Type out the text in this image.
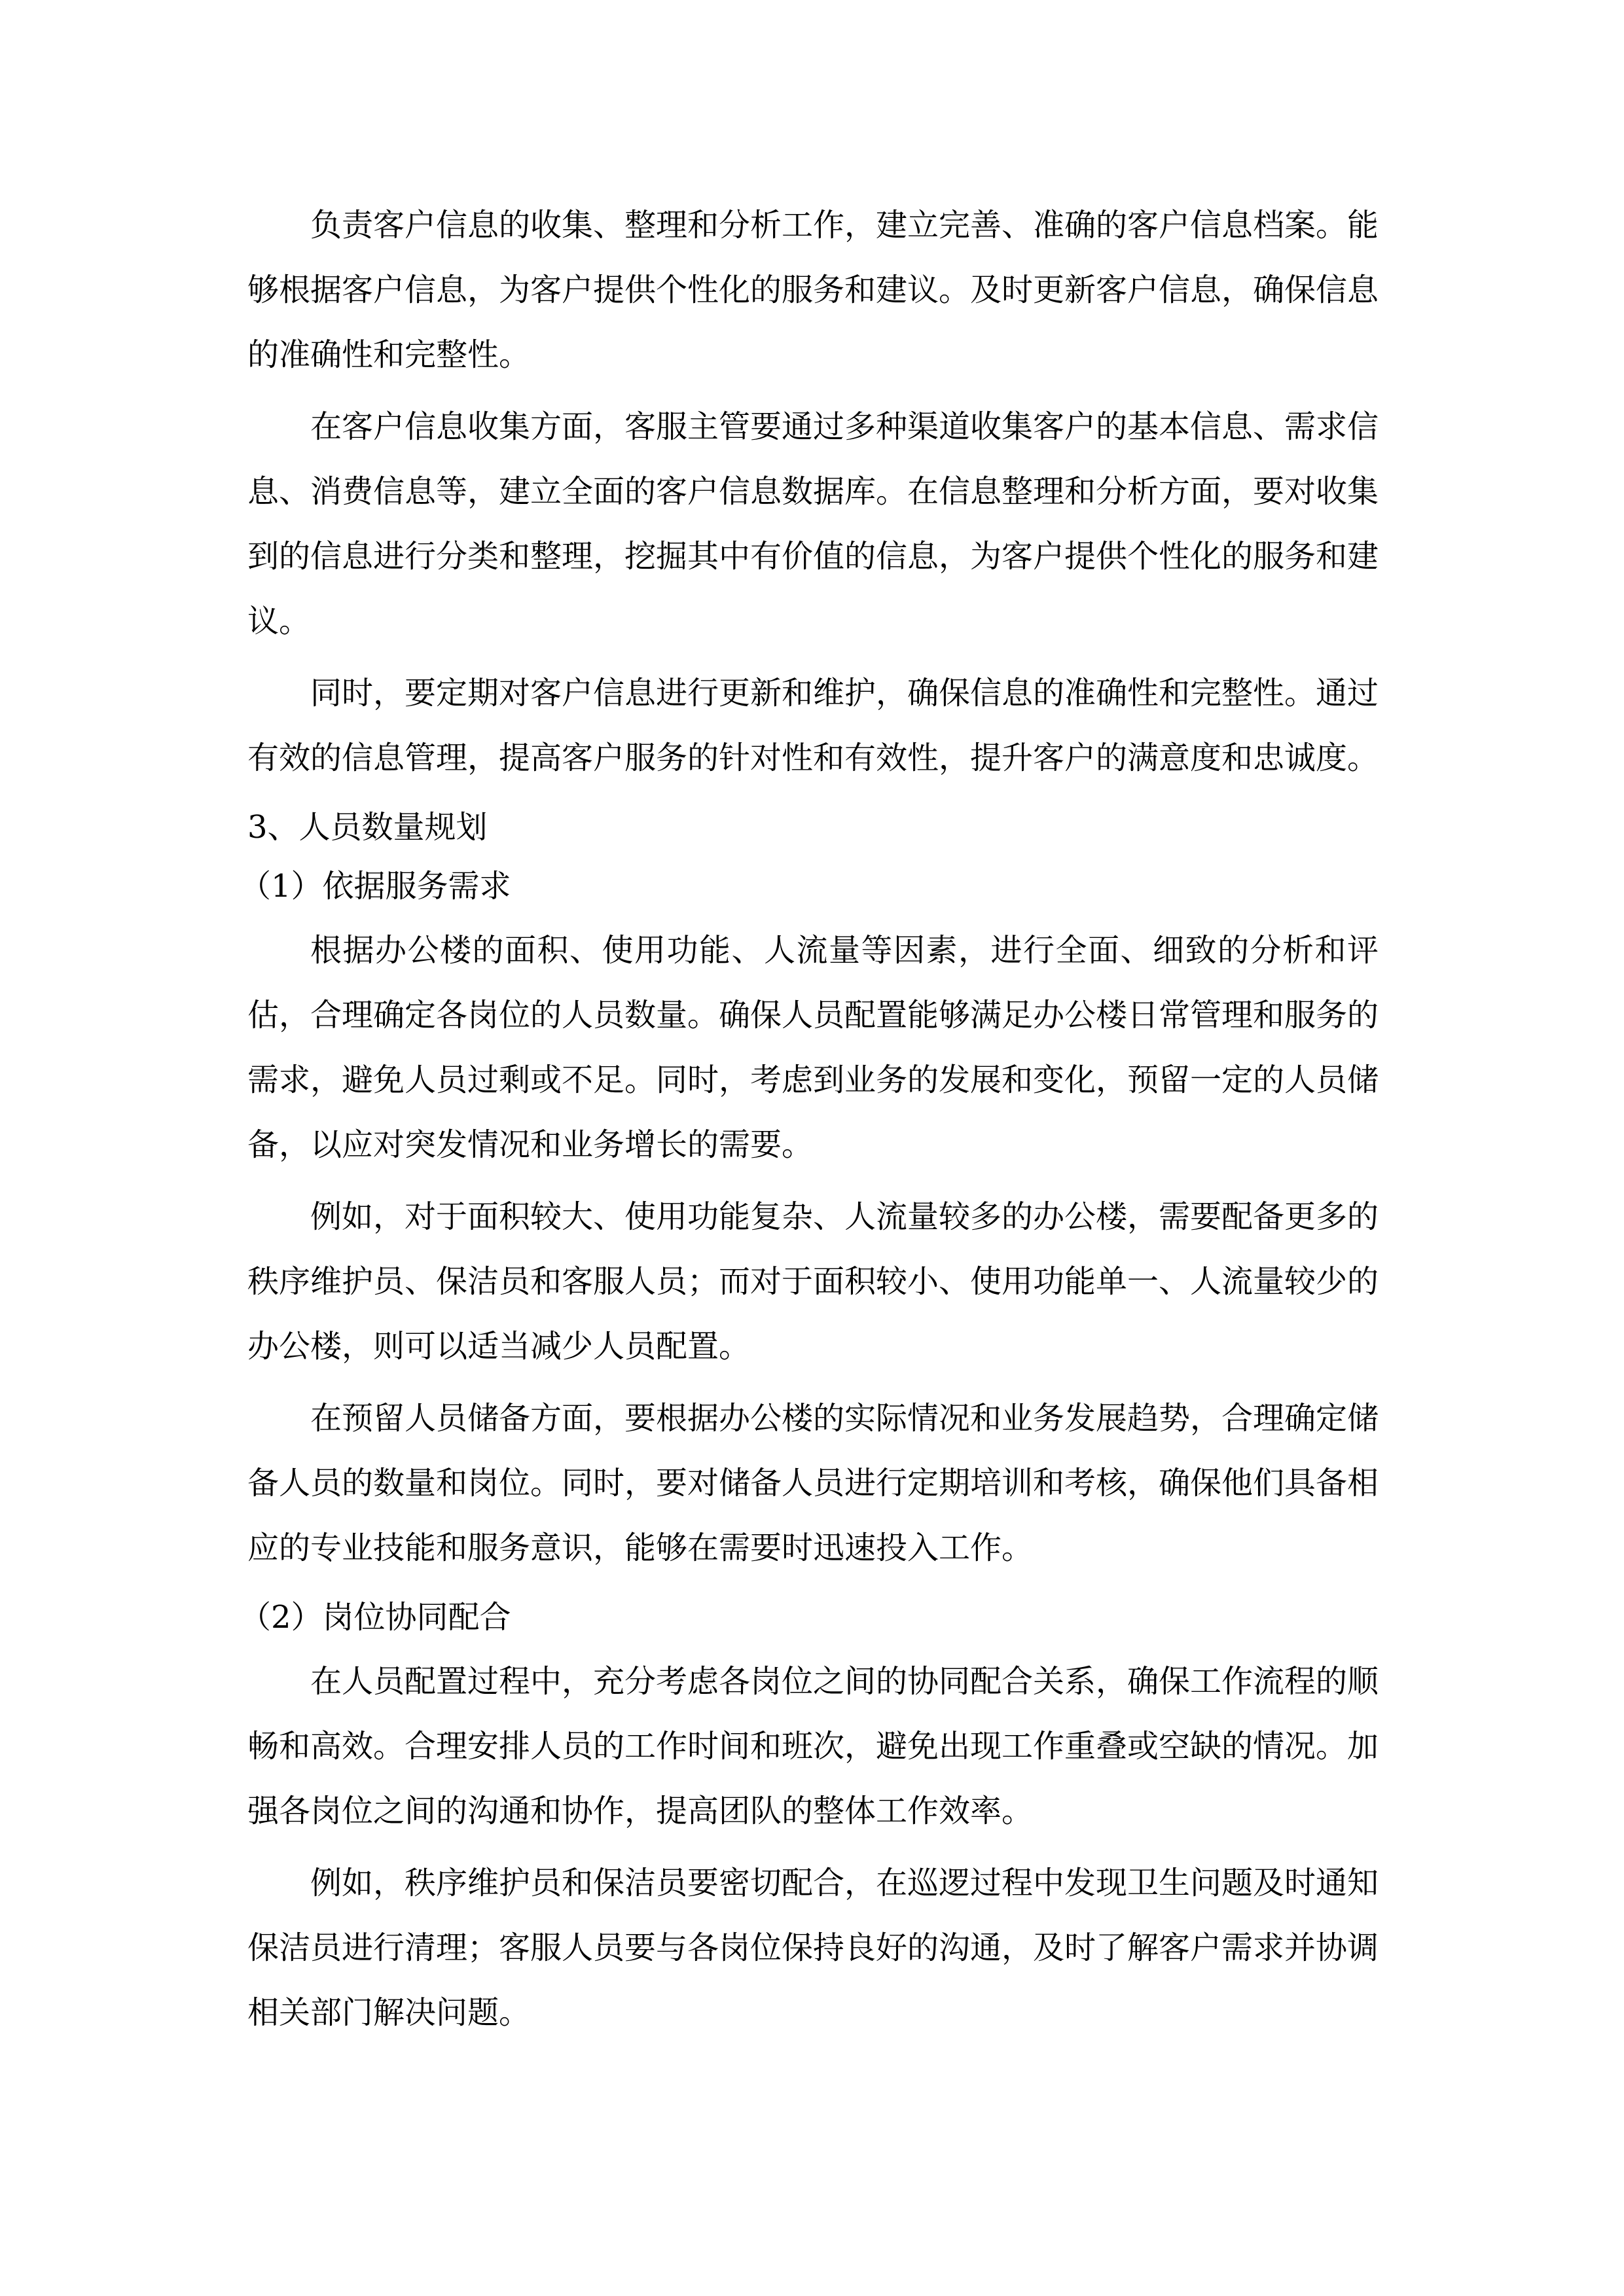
负责客户信息的收集、整理和分析工作，建立完善、准确的客户信息档案。能够根据客户信息，为客户提供个性化的服务和建议。及时更新客户信息，确保信息的准确性和完整性。

在客户信息收集方面，客服主管要通过多种渠道收集客户的基本信息、需求信息、消费信息等，建立全面的客户信息数据库。在信息整理和分析方面，要对收集到的信息进行分类和整理，挖掘其中有价值的信息，为客户提供个性化的服务和建议。

同时，要定期对客户信息进行更新和维护，确保信息的准确性和完整性。通过有效的信息管理，提高客户服务的针对性和有效性，提升客户的满意度和忠诚度。

3、人员数量规划

（1）依据服务需求

根据办公楼的面积、使用功能、人流量等因素，进行全面、细致的分析和评估，合理确定各岗位的人员数量。确保人员配置能够满足办公楼日常管理和服务的需求，避免人员过剩或不足。同时，考虑到业务的发展和变化，预留一定的人员储备，以应对突发情况和业务增长的需要。

例如，对于面积较大、使用功能复杂、人流量较多的办公楼，需要配备更多的秩序维护员、保洁员和客服人员；而对于面积较小、使用功能单一、人流量较少的办公楼，则可以适当减少人员配置。

在预留人员储备方面，要根据办公楼的实际情况和业务发展趋势，合理确定储备人员的数量和岗位。同时，要对储备人员进行定期培训和考核，确保他们具备相应的专业技能和服务意识，能够在需要时迅速投入工作。

（2）岗位协同配合

在人员配置过程中，充分考虑各岗位之间的协同配合关系，确保工作流程的顺畅和高效。合理安排人员的工作时间和班次，避免出现工作重叠或空缺的情况。加强各岗位之间的沟通和协作，提高团队的整体工作效率。

例如，秩序维护员和保洁员要密切配合，在巡逻过程中发现卫生问题及时通知保洁员进行清理；客服人员要与各岗位保持良好的沟通，及时了解客户需求并协调相关部门解决问题。
